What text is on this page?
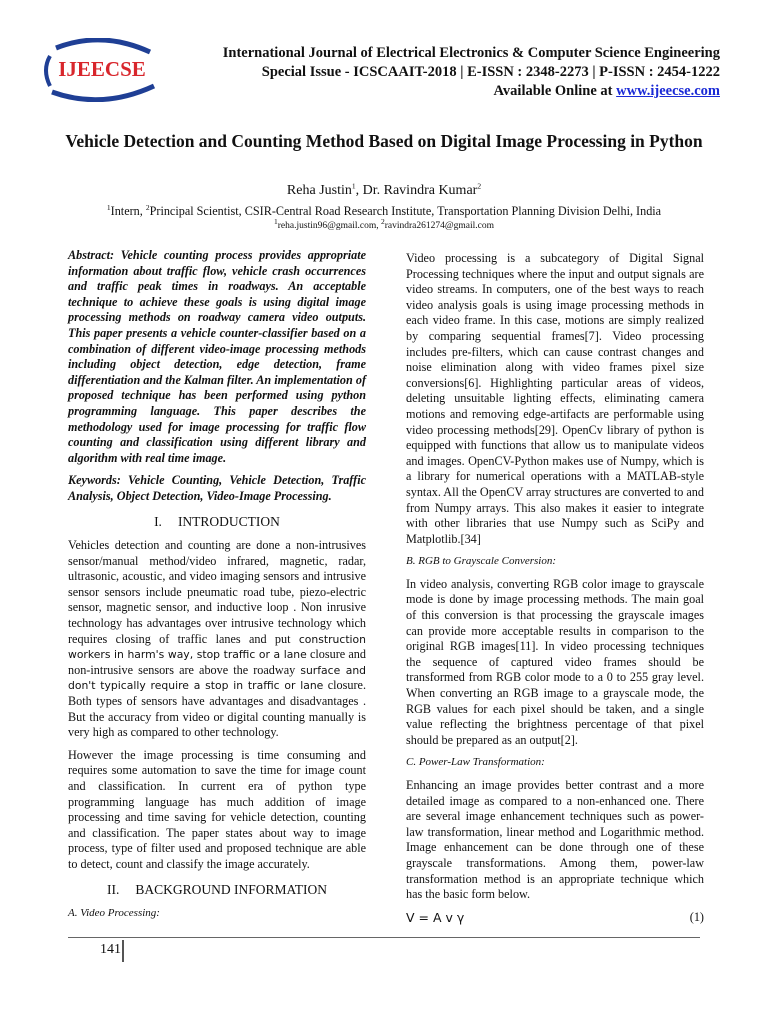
IJEECSE
International Journal of Electrical Electronics & Computer Science Engineering
Special Issue - ICSCAAIT-2018 | E-ISSN : 2348-2273 | P-ISSN : 2454-1222
Available Online at www.ijeecse.com
Vehicle Detection and Counting Method Based on Digital Image Processing in Python
Reha Justin$^1$, Dr. Ravindra Kumar$^2$
$^1$Intern, $^2$Principal Scientist, CSIR-Central Road Research Institute, Transportation Planning Division Delhi, India
$^1$reha.justin96@gmail.com, $^2$ravindra261274@gmail.com

Abstract: Vehicle counting process provides appropriate information about traffic flow, vehicle crash occurrences and traffic peak times in roadways. An acceptable technique to achieve these goals is using digital image processing methods on roadway camera video outputs. This paper presents a vehicle counter-classifier based on a combination of different video-image processing methods including object detection, edge detection, frame differentiation and the Kalman filter. An implementation of proposed technique has been performed using python programming language. This paper describes the methodology used for image processing for traffic flow counting and classification using different library and algorithm with real time image.

Keywords: Vehicle Counting, Vehicle Detection, Traffic Analysis, Object Detection, Video-Image Processing.

I. INTRODUCTION

Vehicles detection and counting are done a non-intrusives sensor/manual method/video infrared, magnetic, radar, ultrasonic, acoustic, and video imaging sensors and intrusive sensor sensors include pneumatic road tube, piezo-electric sensor, magnetic sensor, and inductive loop . Non inrusive technology has advantages over intrusive technology which requires closing of traffic lanes and put construction workers in harm's way, stop traffic or a lane closure and non-intrusive sensors are above the roadway surface and don't typically require a stop in traffic or lane closure. Both types of sensors have advantages and disadvantages . But the accuracy from video or digital counting manually is very high as compared to other technology.

However the image processing is time consuming and requires some automation to save the time for image count and classification. In current era of python type programming language has much addition of image processing and time saving for vehicle detection, counting and classification. The paper states about way to image process, type of filter used and proposed technique are able to detect, count and classify the image accurately.

II. BACKGROUND INFORMATION
A. Video Processing:

Video processing is a subcategory of Digital Signal Processing techniques where the input and output signals are video streams. In computers, one of the best ways to reach video analysis goals is using image processing methods in each video frame. In this case, motions are simply realized by comparing sequential frames[7]. Video processing includes pre-filters, which can cause contrast changes and noise elimination along with video frames pixel size conversions[6]. Highlighting particular areas of videos, deleting unsuitable lighting effects, eliminating camera motions and removing edge-artifacts are performable using video processing methods[29]. OpenCv library of python is equipped with functions that allow us to manipulate videos and images. OpenCV-Python makes use of Numpy, which is a library for numerical operations with a MATLAB-style syntax. All the OpenCV array structures are converted to and from Numpy arrays. This also makes it easier to integrate with other libraries that use Numpy such as SciPy and Matplotlib.[34]

B. RGB to Grayscale Conversion:

In video analysis, converting RGB color image to grayscale mode is done by image processing methods. The main goal of this conversion is that processing the grayscale images can provide more acceptable results in comparison to the original RGB images[11]. In video processing techniques the sequence of captured video frames should be transformed from RGB color mode to a 0 to 255 gray level. When converting an RGB image to a grayscale mode, the RGB values for each pixel should be taken, and a single value reflecting the brightness percentage of that pixel should be prepared as an output[2].

C. Power-Law Transformation:

Enhancing an image provides better contrast and a more detailed image as compared to a non-enhanced one. There are several image enhancement techniques such as power-law transformation, linear method and Logarithmic method. Image enhancement can be done through one of these grayscale transformations. Among them, power-law transformation method is an appropriate technique which has the basic form below.

V = A v γ	(1)
141
